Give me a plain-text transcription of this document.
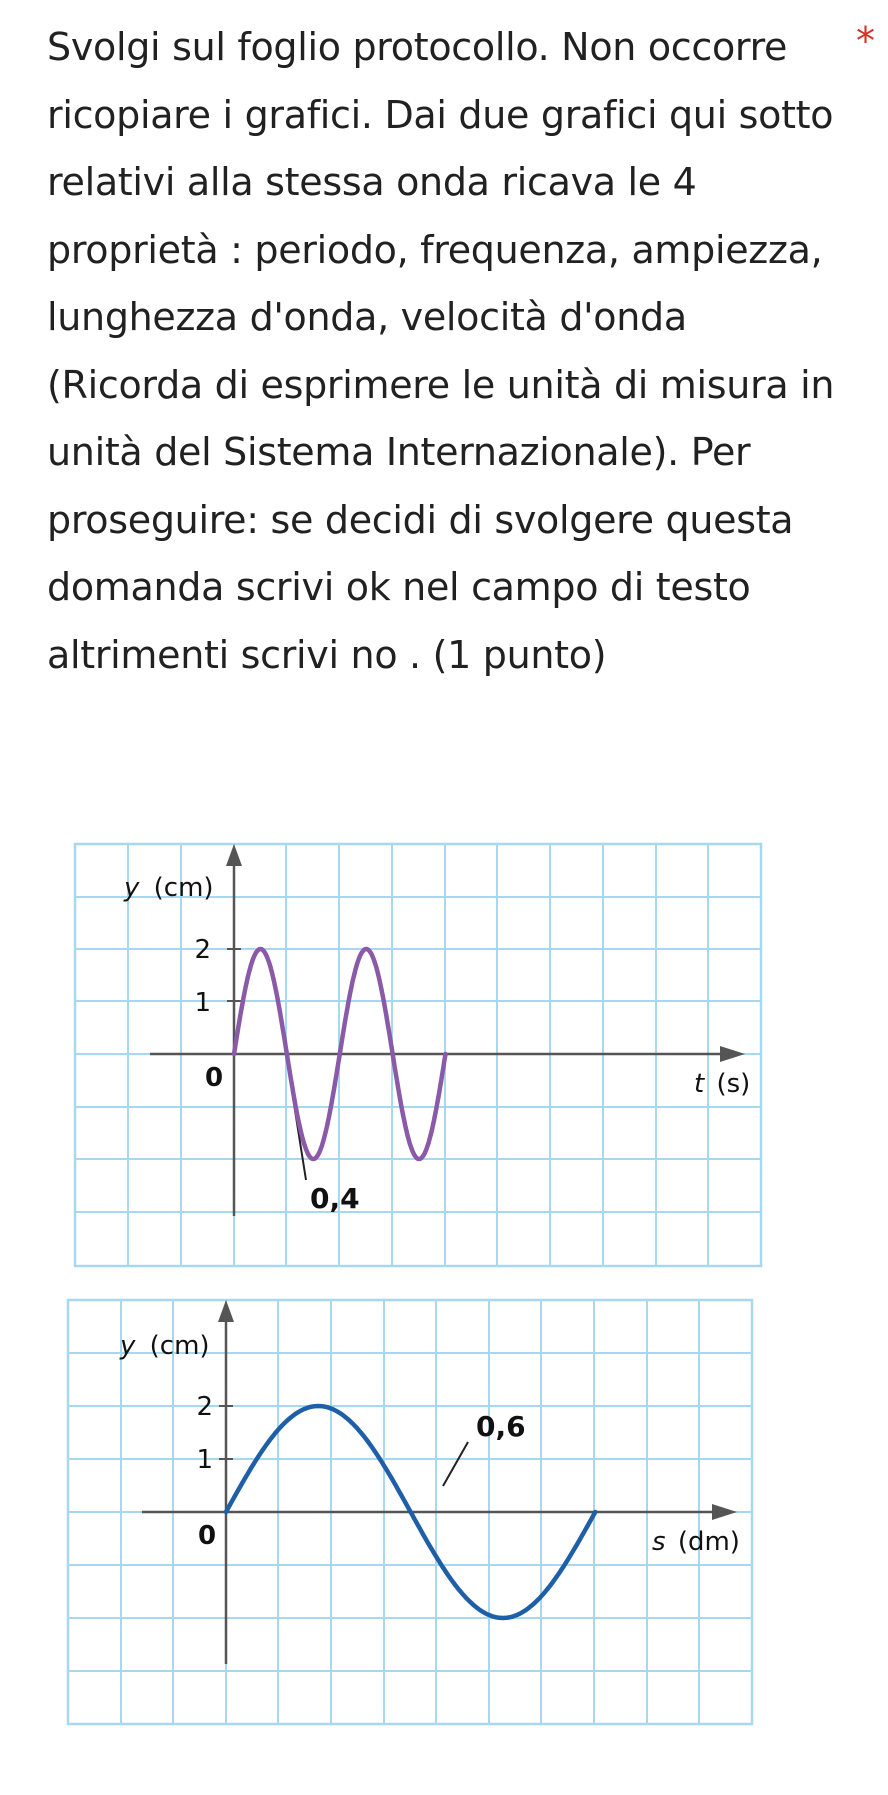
Svolgi sul foglio protocollo. Non occorre ricopiare i grafici. Dai due grafici qui sotto relativi alla stessa onda ricava le 4 proprietà : periodo, frequenza, ampiezza, lunghezza d'onda, velocità d'onda (Ricorda di esprimere le unità di misura in unità del Sistema Internazionale). Per proseguire: se decidi di svolgere questa domanda scrivi ok nel campo di testo altrimenti scrivi no . (1 punto)
*
y (cm)
2
1
0	t (s)
0,4
y (cm)
2
1
0	s (dm)
0,6
